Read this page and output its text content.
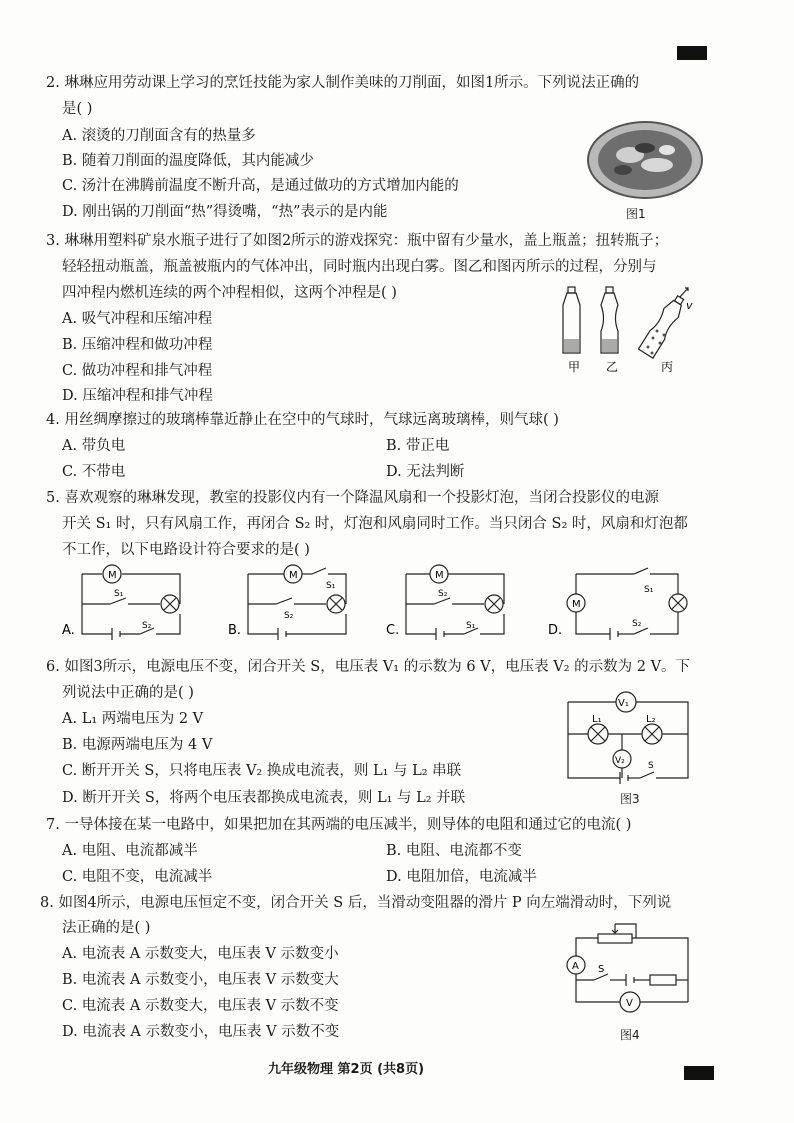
2. 琳琳应用劳动课上学习的烹饪技能为家人制作美味的刀削面，如图1所示。下列说法正确的
是( )
A. 滚烫的刀削面含有的热量多
B. 随着刀削面的温度降低，其内能减少
C. 汤汁在沸腾前温度不断升高，是通过做功的方式增加内能的
D. 刚出锅的刀削面“热”得烫嘴，“热”表示的是内能	图1
3. 琳琳用塑料矿泉水瓶子进行了如图2所示的游戏探究：瓶中留有少量水，盖上瓶盖；扭转瓶子；
轻轻扭动瓶盖，瓶盖被瓶内的气体冲出，同时瓶内出现白雾。图乙和图丙所示的过程，分别与
四冲程内燃机连续的两个冲程相似，这两个冲程是( )
A. 吸气冲程和压缩冲程
B. 压缩冲程和做功冲程
C. 做功冲程和排气冲程
D. 压缩冲程和排气冲程
v
甲 乙	丙
4. 用丝绸摩擦过的玻璃棒靠近静止在空中的气球时，气球远离玻璃棒，则气球( )
A. 带负电	B. 带正电
C. 不带电	D. 无法判断
5. 喜欢观察的琳琳发现，教室的投影仪内有一个降温风扇和一个投影灯泡，当闭合投影仪的电源
开关 S₁ 时，只有风扇工作，再闭合 S₂ 时，灯泡和风扇同时工作。当只闭合 S₂ 时，风扇和灯泡都
不工作，以下电路设计符合要求的是( )
M
S₁
S₂
A.
M
S₁
S₂
B.
M
S₂
S₁
C.
M
S₁
S₂
D.
6. 如图3所示，电源电压不变，闭合开关 S，电压表 V₁ 的示数为 6 V，电压表 V₂ 的示数为 2 V。下
列说法中正确的是( )
A. L₁ 两端电压为 2 V
B. 电源两端电压为 4 V
C. 断开开关 S，只将电压表 V₂ 换成电流表，则 L₁ 与 L₂ 串联
D. 断开开关 S，将两个电压表都换成电流表，则 L₁ 与 L₂ 并联
V₁
L₁	L₂
V₂	S
图3
7. 一导体接在某一电路中，如果把加在其两端的电压减半，则导体的电阻和通过它的电流( )
A. 电阻、电流都减半	B. 电阻、电流都不变
C. 电阻不变，电流减半	D. 电阻加倍，电流减半
8. 如图4所示，电源电压恒定不变，闭合开关 S 后，当滑动变阻器的滑片 P 向左端滑动时，下列说
法正确的是( )
A. 电流表 A 示数变大，电压表 V 示数变小
B. 电流表 A 示数变小，电压表 V 示数变大
C. 电流表 A 示数变大，电压表 V 示数不变
D. 电流表 A 示数变小，电压表 V 示数不变
A S
V
图4
九年级物理 第2页 (共8页)
